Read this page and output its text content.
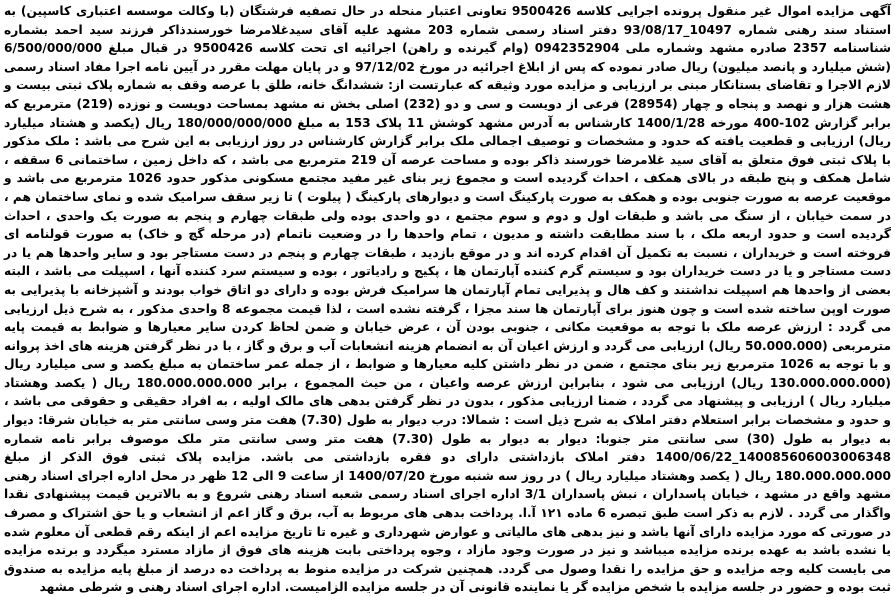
آگهی مزایده اموال غیر منقول پرونده اجرایی کلاسه 9500426 تعاونی اعتبار منحله در حال تصفیه فرشتگان (با وکالت موسسه اعتباری کاسپین) به استناد سند رهنی شماره 10497_93/08/17 دفتر اسناد رسمی شماره 203 مشهد علیه آقای سیدغلامرضا خورسندذاکر فرزند سید احمد بشماره شناسنامه 2357 صادره مشهد وشماره ملی 0942352904 (وام گیرنده و راهن) اجرائیه ای تحت کلاسه 9500426 در قبال مبلغ 6/500/000/000 (شش میلیارد و پانصد میلیون) ریال صادر نموده که پس از ابلاغ اجرائیه در مورخ 97/12/02 و در پایان مهلت مقرر در آیین نامه اجرا مفاد اسناد رسمی لازم الاجرا و تقاضای بستانکار مبنی بر ارزیابی و مزایده مورد وثیقه که عبارتست از: ششدانگ خانه، طلق با عرصه وقف به شماره پلاک ثبتی بیست و هشت هزار و نهصد و پنجاه و چهار (28954) فرعی از دویست و سی و دو (232) اصلی بخش نه مشهد بمساحت دویست و نوزده (219) مترمربع که برابر گزارش 102-400 مورخه 1400/1/28 کارشناس به آدرس مشهد کوشش 11 پلاک 153 به مبلغ 180/000/000/000 ریال (یکصد و هشتاد میلیارد ریال) ارزیابی و قطعیت یافته که حدود و مشخصات و توصیف اجمالی ملک برابر گزارش کارشناس در روز ارزیابی به این شرح می باشد : ملک مذکور با پلاک ثبتی فوق متعلق به آقای سید غلامرضا خورسند ذاکر بوده و مساحت عرصه آن 219 مترمربع می باشد ، که داخل زمین ، ساختمانی 6 سقفه ، شامل همکف و پنج طبقه در بالای همکف ، احداث گردیده است و مجموع زیر بنای غیر مفید مجتمع مسکونی مذکور حدود 1026 مترمربع می باشد و موقعیت عرصه به صورت جنوبی بوده و همکف به صورت پارکینگ است و دیوارهای پارکینگ ( پیلوت ) تا زیر سقف سرامیک شده و نمای ساختمان هم ، در سمت خیابان ، از سنگ می باشد و طبقات اول و دوم و سوم مجتمع ، دو واحدی بوده ولی طبقات چهارم و پنجم به صورت یک واحدی ، احداث گردیده است و حدود اربعه ملک ، با سند مطابقت داشته و مدیون ، تمام واحدها را در وضعیت ناتمام (در مرحله گچ و خاک) به صورت قولنامه ای فروخته است و خریداران ، نسبت به تکمیل آن اقدام کرده اند و در موقع بازدید ، طبقات چهارم و پنجم در دست مستاجر بود و سایر واحدها هم یا در دست مستاجر و یا در دست خریداران بود و سیستم گرم کننده آپارتمان ها ، پکیج و رادیاتور ، بوده و سیستم سرد کننده آنها ، اسپیلت می باشد ، البته بعضی از واحدها هم اسپیلت نداشتند و کف هال و پذیرایی تمام آپارتمان ها سرامیک فرش بوده و دارای دو اتاق خواب بودند و آشپزخانه با پذیرایی به صورت اوپن ساخته شده است و چون هنوز برای آپارتمان ها سند مجزا ، گرفته نشده است ، لذا قیمت مجموعه 8 واحدی مذکور ، به شرح ذیل ارزیابی می گردد : ارزش عرصه ملک با توجه به موقعیت مکانی ، جنوبی بودن آن ، عرض خیابان و ضمن لحاظ کردن سایر معیارها و ضوابط به قیمت پایه مترمربعی (50.000.000 ریال) ارزیابی می گردد و ارزش اعیان آن به انضمام هزینه انشعابات آب و برق و گاز ، با در نظر گرفتن هزینه های اخذ پروانه و با توجه به 1026 مترمربع زیر بنای مجتمع ، ضمن در نظر داشتن کلیه معیارها و ضوابط ، از جمله عمر ساختمان به مبلغ یکصد و سی میلیارد ریال (130.000.000.000 ریال) ارزیابی می شود ، بنابراین ارزش عرصه واعیان ، من حیث المجموع ، برابر 180.000.000.000 ریال ( یکصد وهشتاد میلیارد ریال ) ارزیابی و پیشنهاد می گردد ، ضمنا ارزیابی مذکور ، بدون در نظر گرفتن بدهی های مالک اولیه ، به افراد حقیقی و حقوقی می باشد ، و حدود و مشخصات برابر استعلام دفتر املاک به شرح ذیل است : شمالا: درب دیوار به طول (7.30) هفت متر وسی سانتی متر به خیابان شرقا: دیوار به دیوار به طول (30) سی سانتی متر جنوبا: دیوار به دیوار به طول (7.30) هفت متر وسی سانتی متر ملک موصوف برابر نامه شماره 140085606003006348_1400/06/22 دفتر املاک بازداشتی دارای دو فقره بازداشتی می باشد. مزایده پلاک ثبتی فوق الذکر از مبلغ 180.000.000.000 ریال ( یکصد وهشتاد میلیارد ریال ) در روز سه شنبه مورخ 1400/07/20 از ساعت 9 الی 12 ظهر در محل اداره اجرای اسناد رهنی مشهد واقع در مشهد ، خیابان پاسداران ، نبش پاسداران 3/1 اداره اجرای اسناد رسمی شعبه اسناد رهنی شروع و به بالاترین قیمت پیشنهادی نقدا واگذار می گردد . لازم به ذکر است طبق تبصره 6 ماده ۱۲۱ آ.ا. پرداخت بدهی های مربوط به آب، برق و گاز اعم از انشعاب و یا حق اشتراک و مصرف در صورتی که مورد مزایده دارای آنها باشد و نیز بدهی های مالیاتی و عوارض شهرداری و غیره تا تاریخ مزایده اعم از اینکه رقم قطعی آن معلوم شده یا نشده باشد به عهده برنده مزایده میباشد و نیز در صورت وجود مازاد ، وجوه پرداختی بابت هزینه های فوق از مازاد مسترد میگردد و برنده مزایده می بایست کلیه وجه مزایده و حق مزایده را نقدا وصول می گردد. همچنین شرکت در مزایده منوط به پرداخت ده درصد از مبلغ پایه مزایده به صندوق ثبت بوده و حضور در جلسه مزایده با شخص مزایده گر یا نماینده قانونی آن در جلسه مزایده الزامیست. اداره اجرای اسناد رهنی و شرطی مشهد
